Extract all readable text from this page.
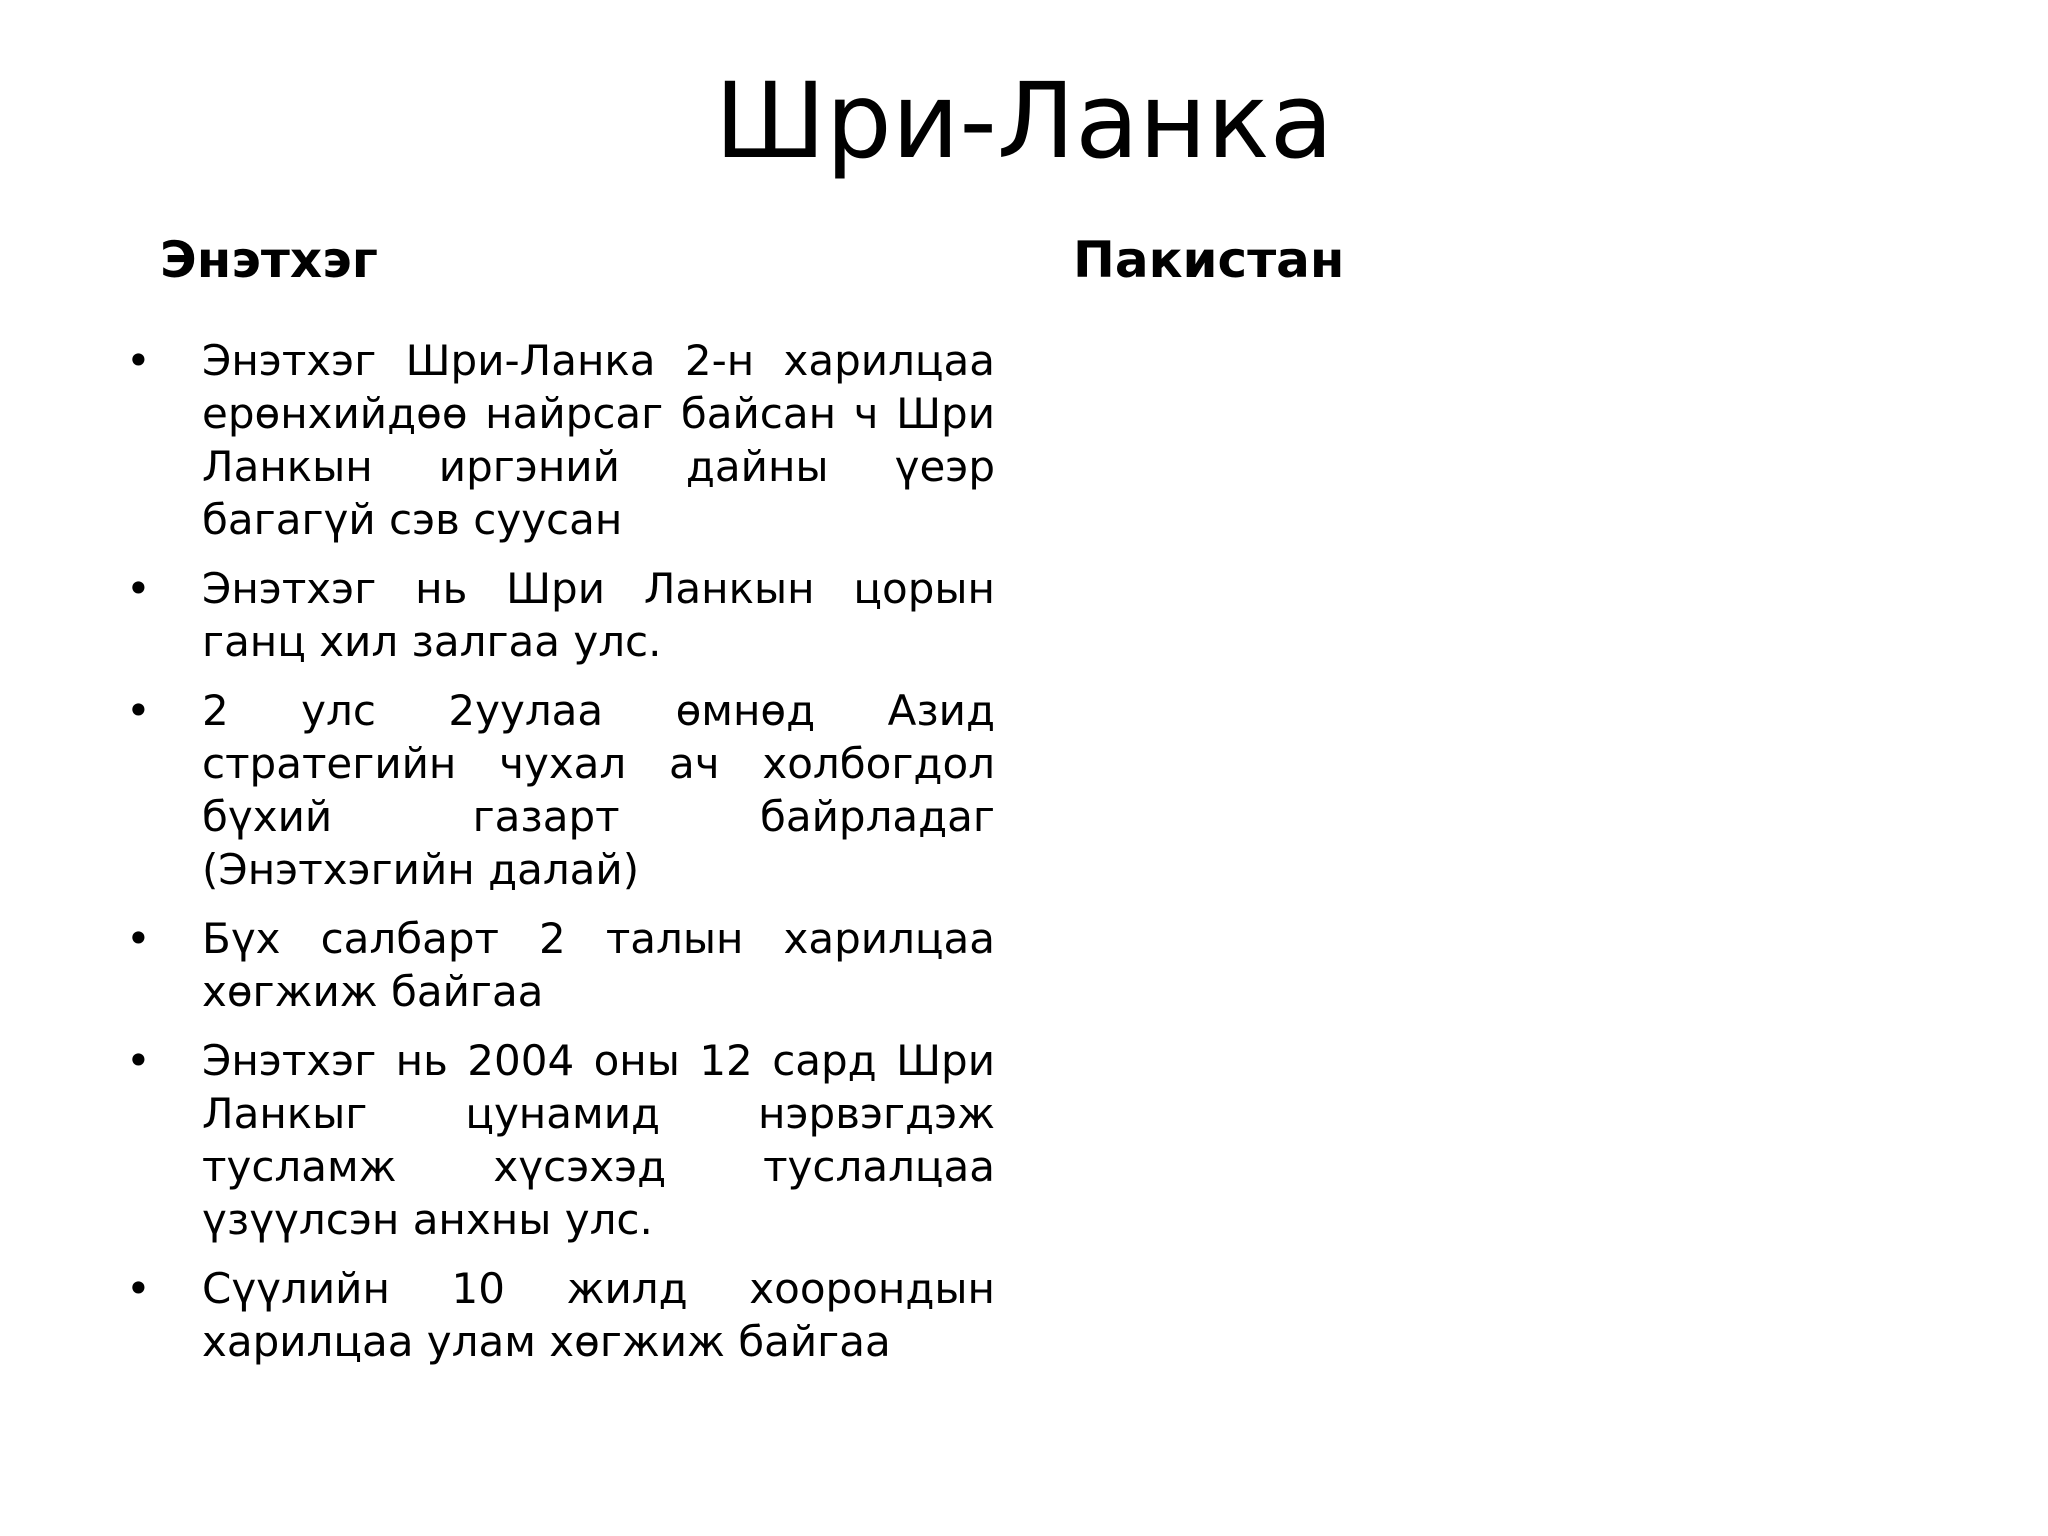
Шри-Ланка
Энэтхэг	Пакистан
• Энэтхэг Шри-Ланка 2-н харилцаа ерөнхийдөө найрсаг байсан ч Шри Ланкын иргэний дайны үеэр багагүй сэв суусан
• Энэтхэг нь Шри Ланкын цорын ганц хил залгаа улс.
• 2 улс 2уулаа өмнөд Азид стратегийн чухал ач холбогдол бүхий газарт байрладаг (Энэтхэгийн далай)
• Бүх салбарт 2 талын харилцаа хөгжиж байгаа
• Энэтхэг нь 2004 оны 12 сард Шри Ланкыг цунамид нэрвэгдэж тусламж хүсэхэд туслалцаа үзүүлсэн анхны улс.
• Сүүлийн 10 жилд хоорондын харилцаа улам хөгжиж байгаа
